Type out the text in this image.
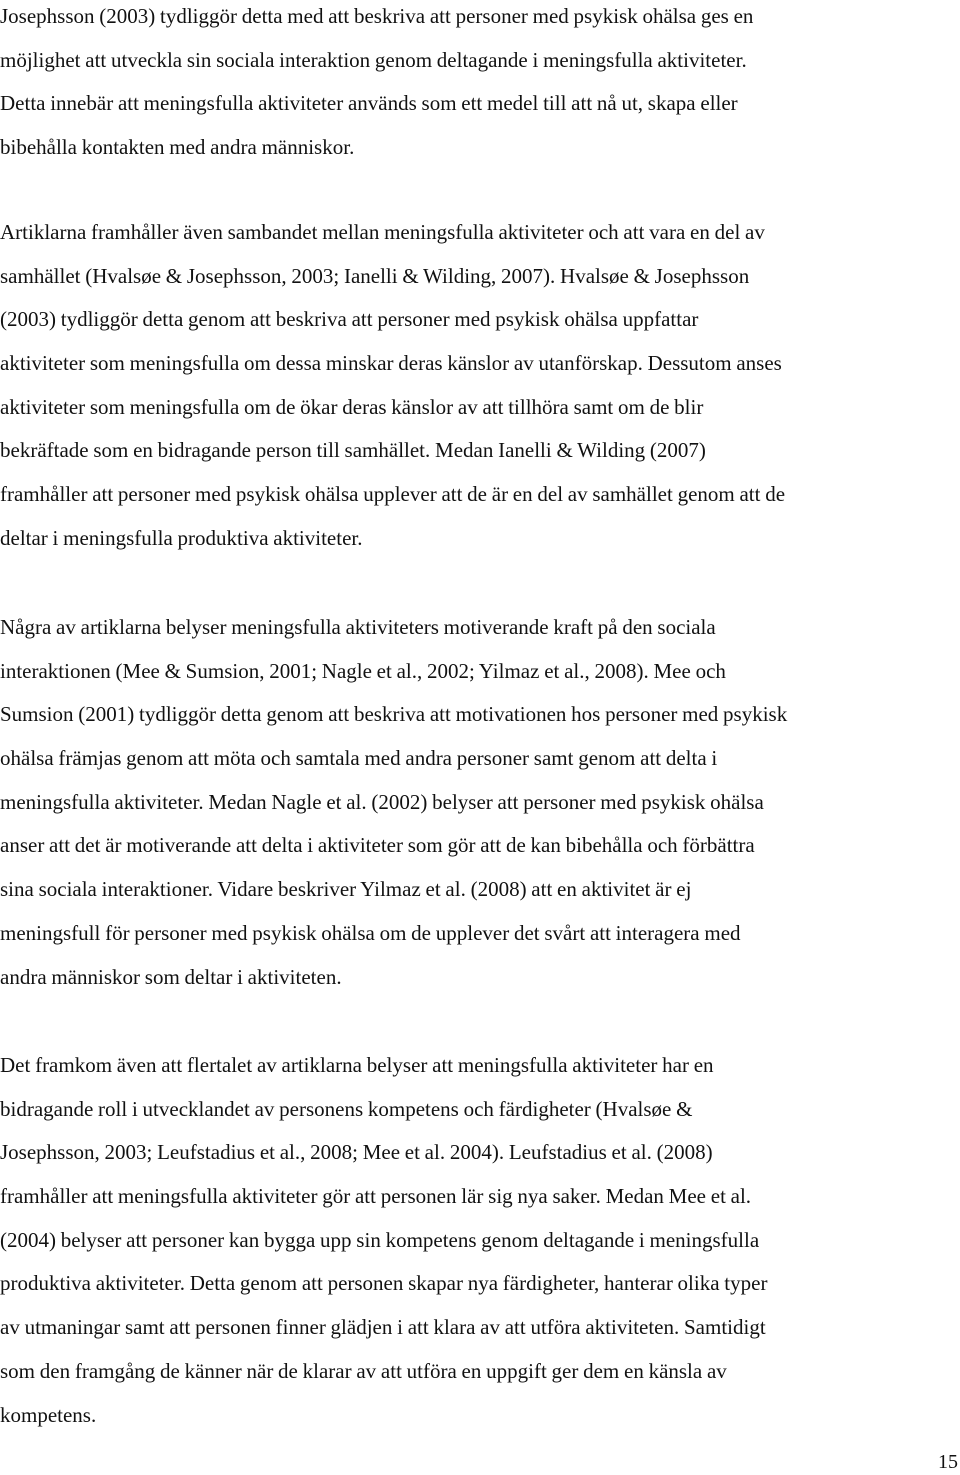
Josephsson (2003) tydliggör detta med att beskriva att personer med psykisk ohälsa ges en
möjlighet att utveckla sin sociala interaktion genom deltagande i meningsfulla aktiviteter.
Detta innebär att meningsfulla aktiviteter används som ett medel till att nå ut, skapa eller
bibehålla kontakten med andra människor.
Artiklarna framhåller även sambandet mellan meningsfulla aktiviteter och att vara en del av
samhället (Hvalsøe & Josephsson, 2003; Ianelli & Wilding, 2007). Hvalsøe & Josephsson
(2003) tydliggör detta genom att beskriva att personer med psykisk ohälsa uppfattar
aktiviteter som meningsfulla om dessa minskar deras känslor av utanförskap. Dessutom anses
aktiviteter som meningsfulla om de ökar deras känslor av att tillhöra samt om de blir
bekräftade som en bidragande person till samhället. Medan Ianelli & Wilding (2007)
framhåller att personer med psykisk ohälsa upplever att de är en del av samhället genom att de
deltar i meningsfulla produktiva aktiviteter.
Några av artiklarna belyser meningsfulla aktiviteters motiverande kraft på den sociala
interaktionen (Mee & Sumsion, 2001; Nagle et al., 2002; Yilmaz et al., 2008). Mee och
Sumsion (2001) tydliggör detta genom att beskriva att motivationen hos personer med psykisk
ohälsa främjas genom att möta och samtala med andra personer samt genom att delta i
meningsfulla aktiviteter. Medan Nagle et al. (2002) belyser att personer med psykisk ohälsa
anser att det är motiverande att delta i aktiviteter som gör att de kan bibehålla och förbättra
sina sociala interaktioner. Vidare beskriver Yilmaz et al. (2008) att en aktivitet är ej
meningsfull för personer med psykisk ohälsa om de upplever det svårt att interagera med
andra människor som deltar i aktiviteten.
Det framkom även att flertalet av artiklarna belyser att meningsfulla aktiviteter har en
bidragande roll i utvecklandet av personens kompetens och färdigheter (Hvalsøe &
Josephsson, 2003; Leufstadius et al., 2008; Mee et al. 2004). Leufstadius et al. (2008)
framhåller att meningsfulla aktiviteter gör att personen lär sig nya saker. Medan Mee et al.
(2004) belyser att personer kan bygga upp sin kompetens genom deltagande i meningsfulla
produktiva aktiviteter. Detta genom att personen skapar nya färdigheter, hanterar olika typer
av utmaningar samt att personen finner glädjen i att klara av att utföra aktiviteten. Samtidigt
som den framgång de känner när de klarar av att utföra en uppgift ger dem en känsla av
kompetens.
15
